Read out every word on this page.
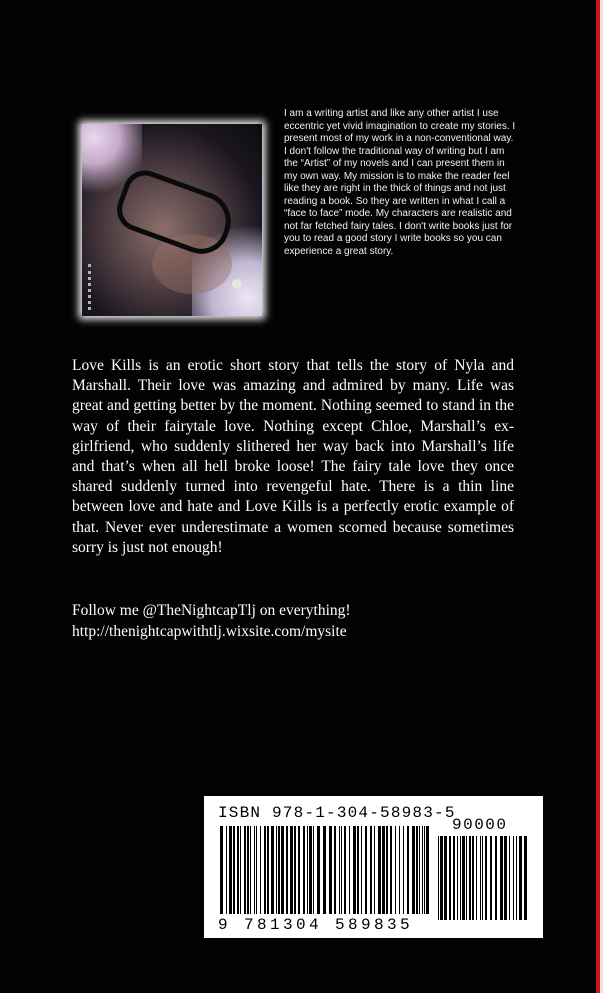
I am a writing artist and like any other artist I use eccentric yet vivid imagination to create my stories. I present most of my work in a non-conventional way. I don't follow the traditional way of writing but I am the “Artist” of my novels and I can present them in my own way. My mission is to make the reader feel like they are right in the thick of things and not just reading a book. So they are written in what I call a “face to face” mode. My characters are realistic and not far fetched fairy tales. I don't write books just for you to read a good story I write books so you can experience a great story.

Love Kills is an erotic short story that tells the story of Nyla and Marshall. Their love was amazing and admired by many. Life was great and getting better by the moment. Nothing seemed to stand in the way of their fairytale love. Nothing except Chloe, Marshall’s ex-girlfriend, who suddenly slithered her way back into Marshall’s life and that’s when all hell broke loose! The fairy tale love they once shared suddenly turned into revengeful hate. There is a thin line between love and hate and Love Kills is a perfectly erotic example of that. Never ever underestimate a women scorned because sometimes sorry is just not enough!

Follow me @TheNightcapTlj on everything!
http://thenightcapwithtlj.wixsite.com/mysite
ISBN 978-1-304-58983-5
90000
9 781304 589835
